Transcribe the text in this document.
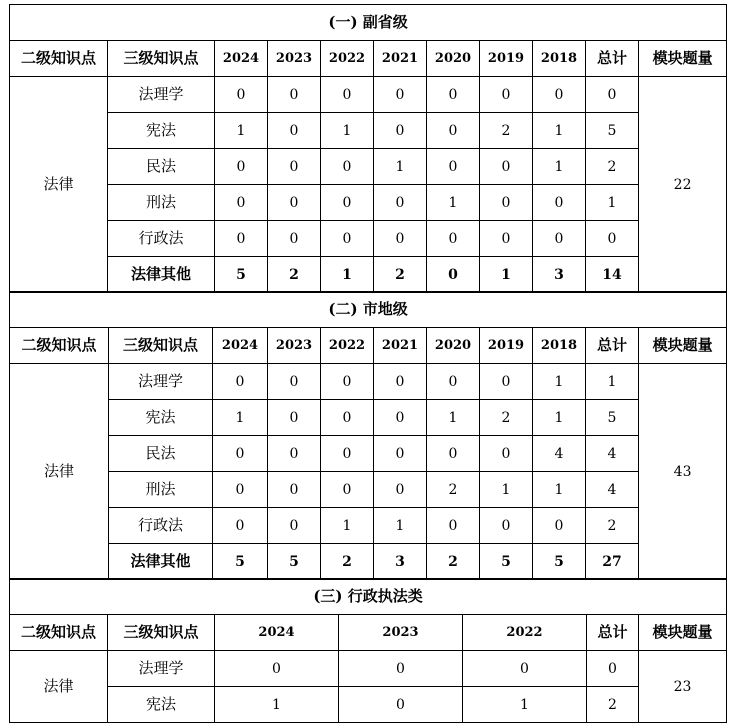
(一) 副省级										
二级知识点	三级知识点	2024	2023	2022	2021	2020	2019	2018	总计	模块题量
法律	法理学	0	0	0	0	0	0	0	0	22
	宪法	1	0	1	0	0	2	1	5	
	民法	0	0	0	1	0	0	1	2	
	刑法	0	0	0	0	1	0	0	1	
	行政法	0	0	0	0	0	0	0	0	
	法律其他	5	2	1	2	0	1	3	14	
(二) 市地级										
二级知识点	三级知识点	2024	2023	2022	2021	2020	2019	2018	总计	模块题量
法律	法理学	0	0	0	0	0	0	1	1	43
	宪法	1	0	0	0	1	2	1	5	
	民法	0	0	0	0	0	0	4	4	
	刑法	0	0	0	0	2	1	1	4	
	行政法	0	0	1	1	0	0	0	2	
	法律其他	5	5	2	3	2	5	5	27	
(三) 行政执法类						
二级知识点	三级知识点	2024	2023	2022	总计	模块题量
法律	法理学	0	0	0	0	23
	宪法	1	0	1	2	
